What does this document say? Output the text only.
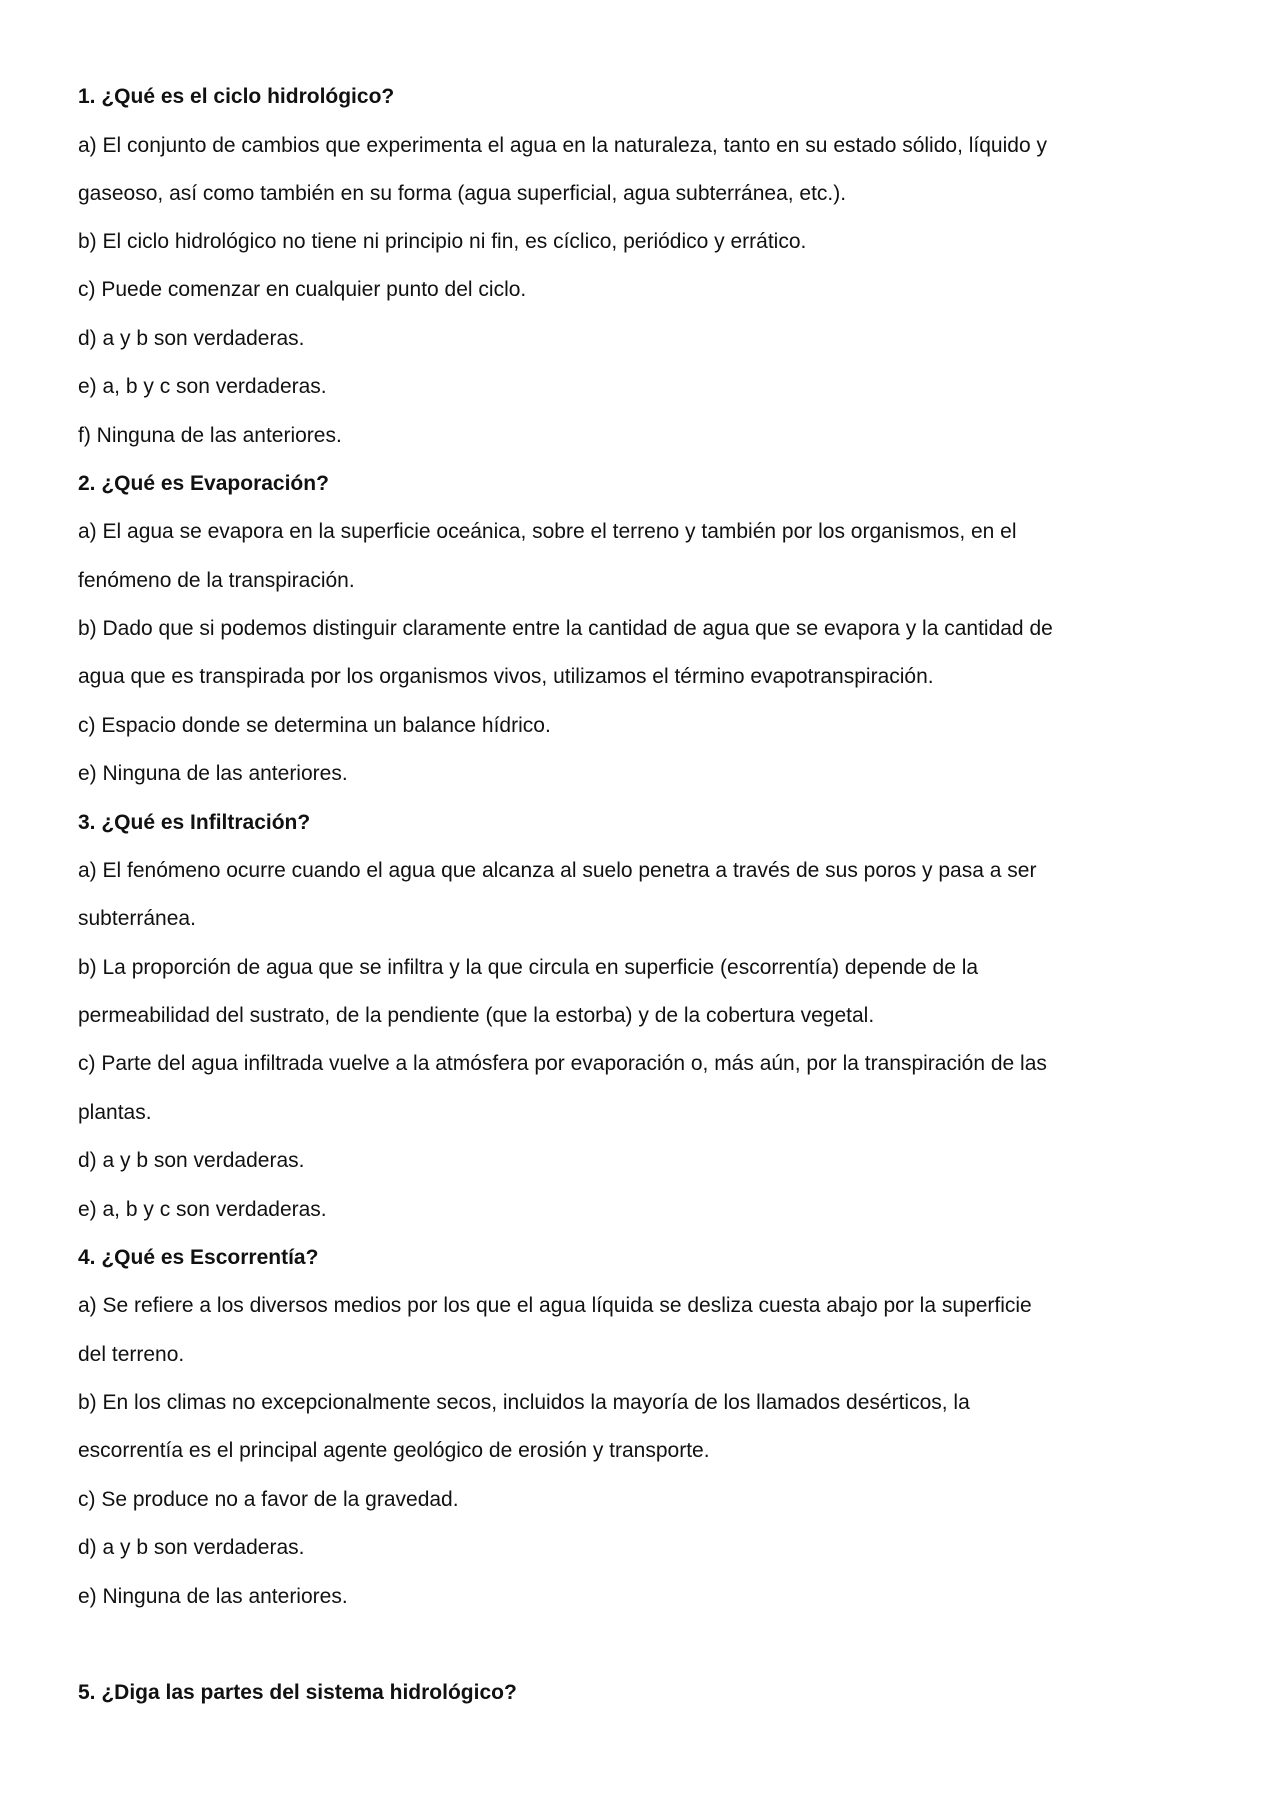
1. ¿Qué es el ciclo hidrológico?

a) El conjunto de cambios que experimenta el agua en la naturaleza, tanto en su estado sólido, líquido y

gaseoso, así como también en su forma (agua superficial, agua subterránea, etc.).

b) El ciclo hidrológico no tiene ni principio ni fin, es cíclico, periódico y errático.

c) Puede comenzar en cualquier punto del ciclo.

d) a y b son verdaderas.

e) a, b y c son verdaderas.

f) Ninguna de las anteriores.

2. ¿Qué es Evaporación?

a) El agua se evapora en la superficie oceánica, sobre el terreno y también por los organismos, en el

fenómeno de la transpiración.

b) Dado que si podemos distinguir claramente entre la cantidad de agua que se evapora y la cantidad de

agua que es transpirada por los organismos vivos, utilizamos el término evapotranspiración.

c) Espacio donde se determina un balance hídrico.

e) Ninguna de las anteriores.

3. ¿Qué es Infiltración?

a) El fenómeno ocurre cuando el agua que alcanza al suelo penetra a través de sus poros y pasa a ser

subterránea.

b) La proporción de agua que se infiltra y la que circula en superficie (escorrentía) depende de la

permeabilidad del sustrato, de la pendiente (que la estorba) y de la cobertura vegetal.

c) Parte del agua infiltrada vuelve a la atmósfera por evaporación o, más aún, por la transpiración de las

plantas.

d) a y b son verdaderas.

e) a, b y c son verdaderas.

4. ¿Qué es Escorrentía?

a) Se refiere a los diversos medios por los que el agua líquida se desliza cuesta abajo por la superficie

del terreno.

b) En los climas no excepcionalmente secos, incluidos la mayoría de los llamados desérticos, la

escorrentía es el principal agente geológico de erosión y transporte.

c) Se produce no a favor de la gravedad.

d) a y b son verdaderas.

e) Ninguna de las anteriores.

5. ¿Diga las partes del sistema hidrológico?
